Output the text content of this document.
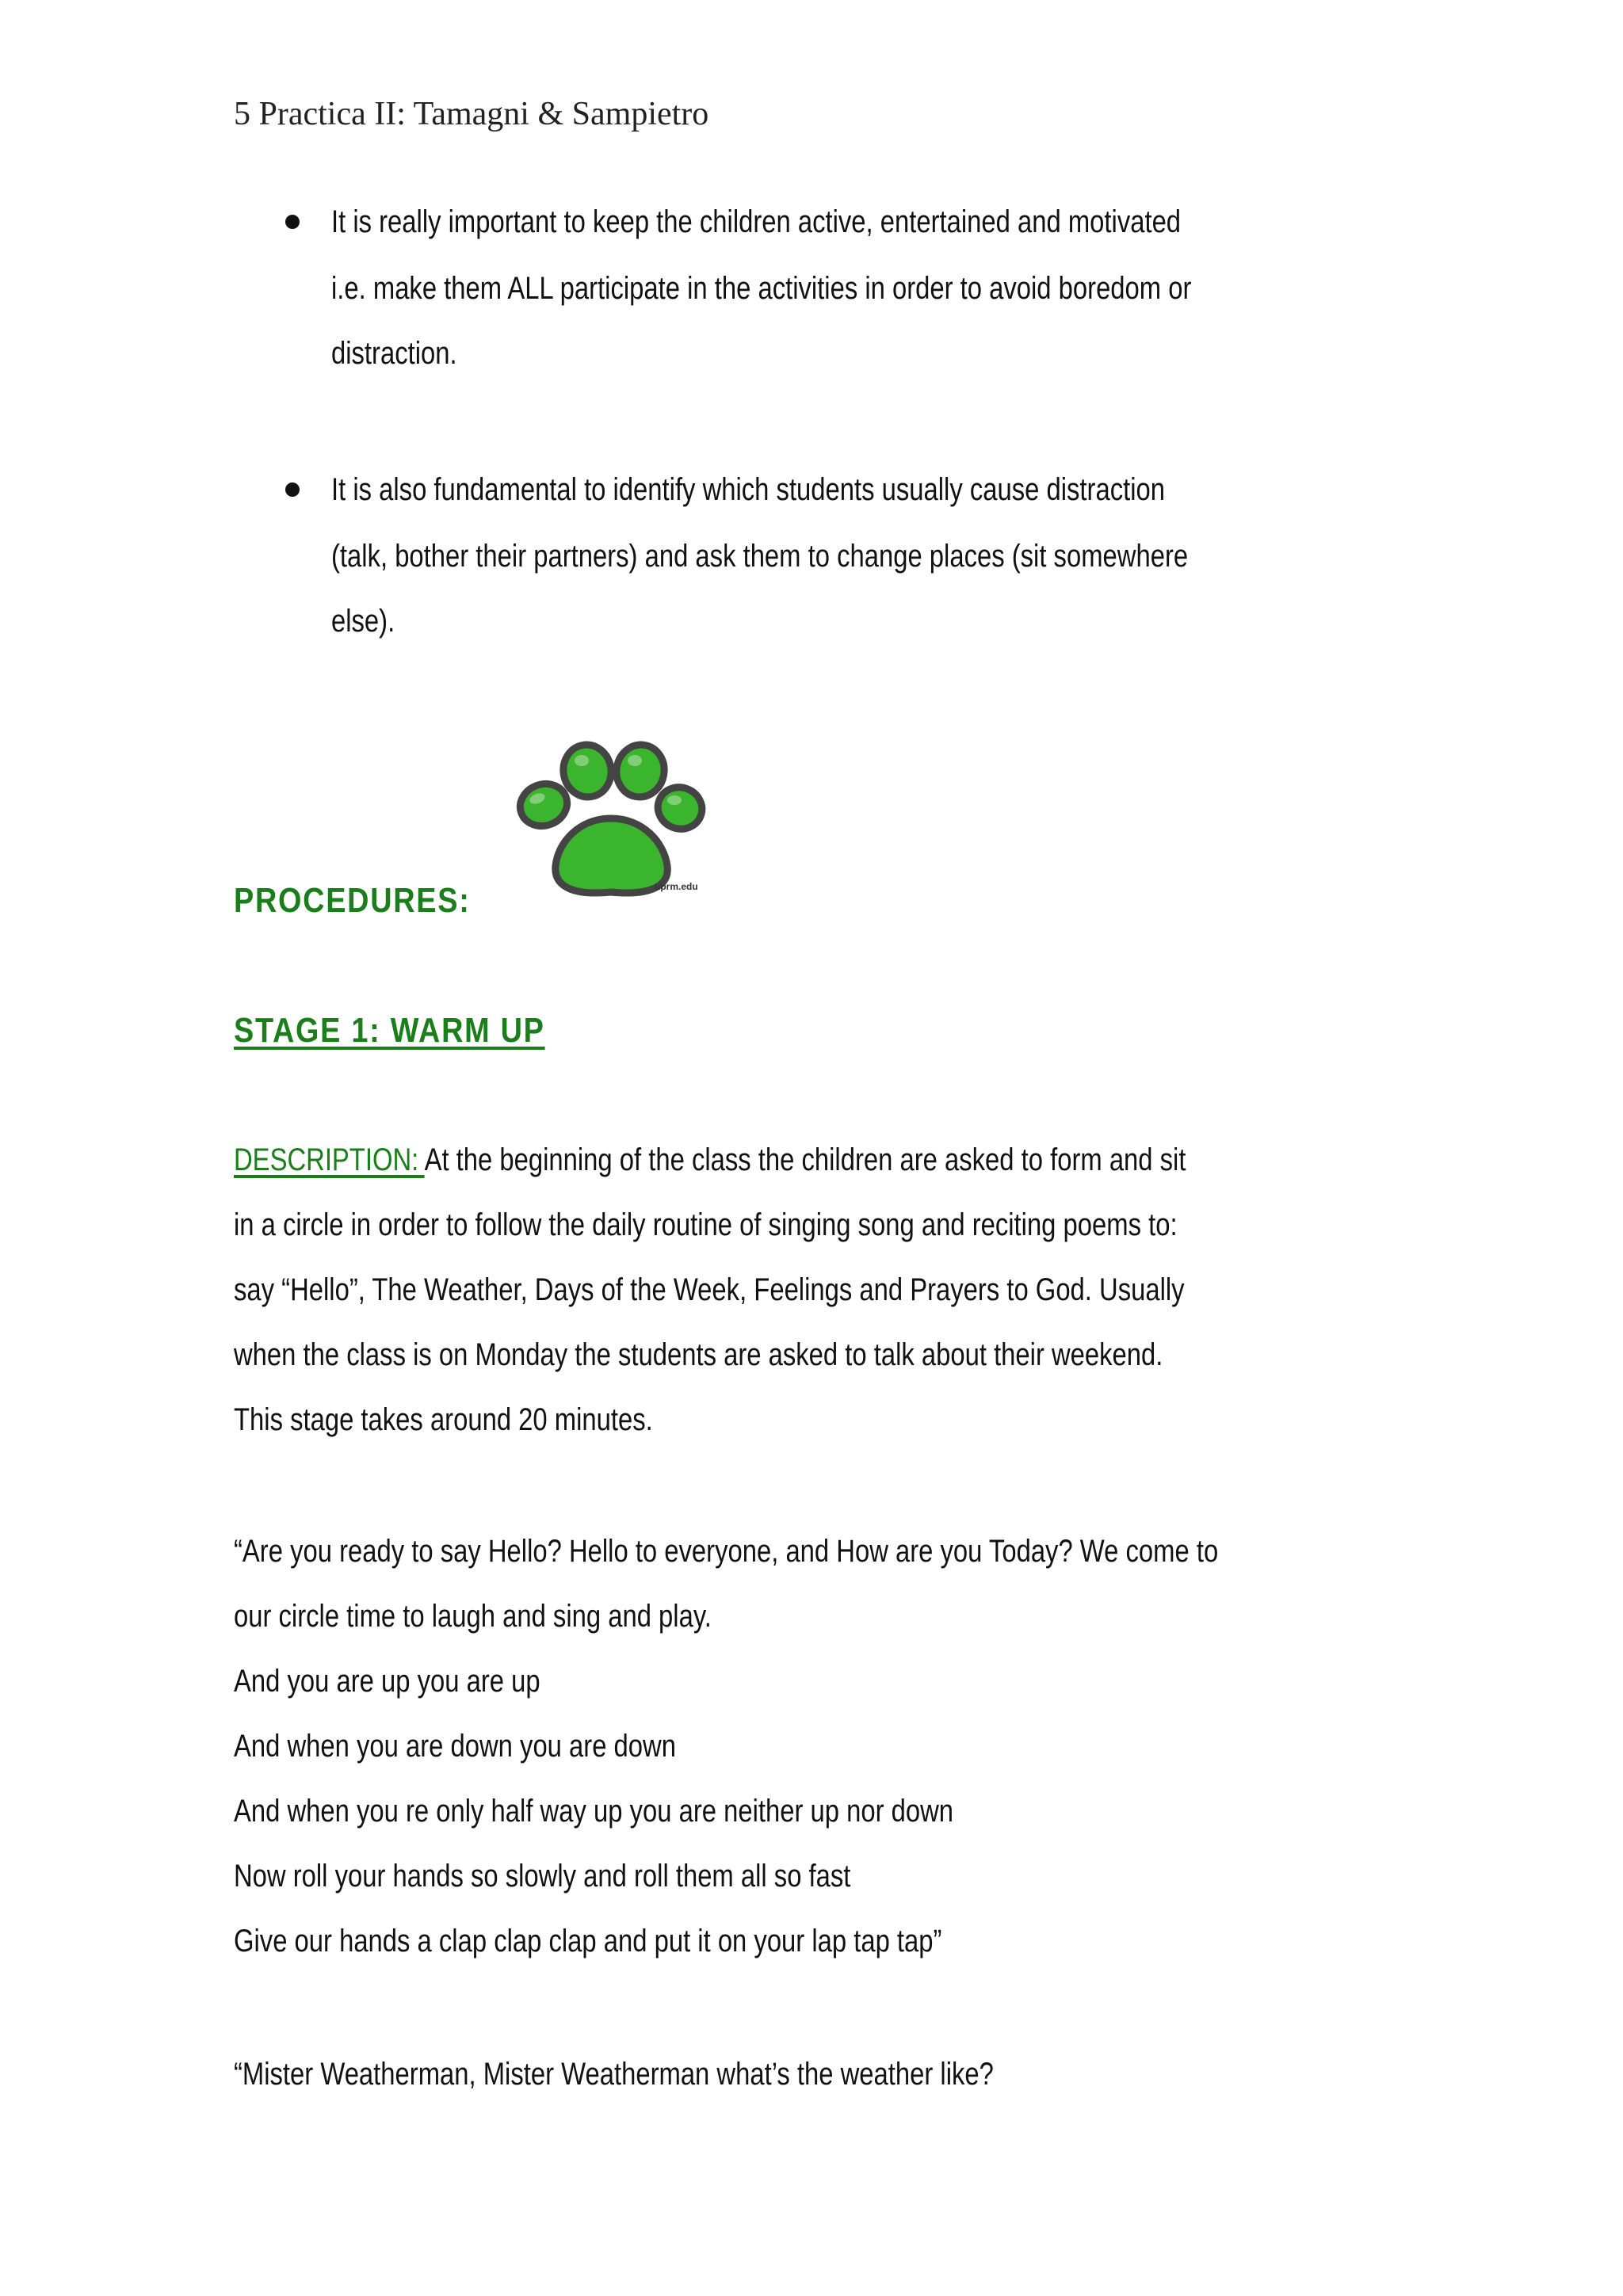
5 Practica II: Tamagni & Sampietro
It is really important to keep the children active, entertained and motivated
i.e. make them ALL participate in the activities in order to avoid boredom or
distraction.
It is also fundamental to identify which students usually cause distraction
(talk, bother their partners) and ask them to change places (sit somewhere
else).
uprm.edu
PROCEDURES:
STAGE 1: WARM UP
DESCRIPTION: At the beginning of the class the children are asked to form and sit
in a circle in order to follow the daily routine of singing song and reciting poems to:
say “Hello”, The Weather, Days of the Week, Feelings and Prayers to God. Usually
when the class is on Monday the students are asked to talk about their weekend.
This stage takes around 20 minutes.
“Are you ready to say Hello? Hello to everyone, and How are you Today? We come to
our circle time to laugh and sing and play.
And you are up you are up
And when you are down you are down
And when you re only half way up you are neither up nor down
Now roll your hands so slowly and roll them all so fast
Give our hands a clap clap clap and put it on your lap tap tap”
“Mister Weatherman, Mister Weatherman what’s the weather like?
